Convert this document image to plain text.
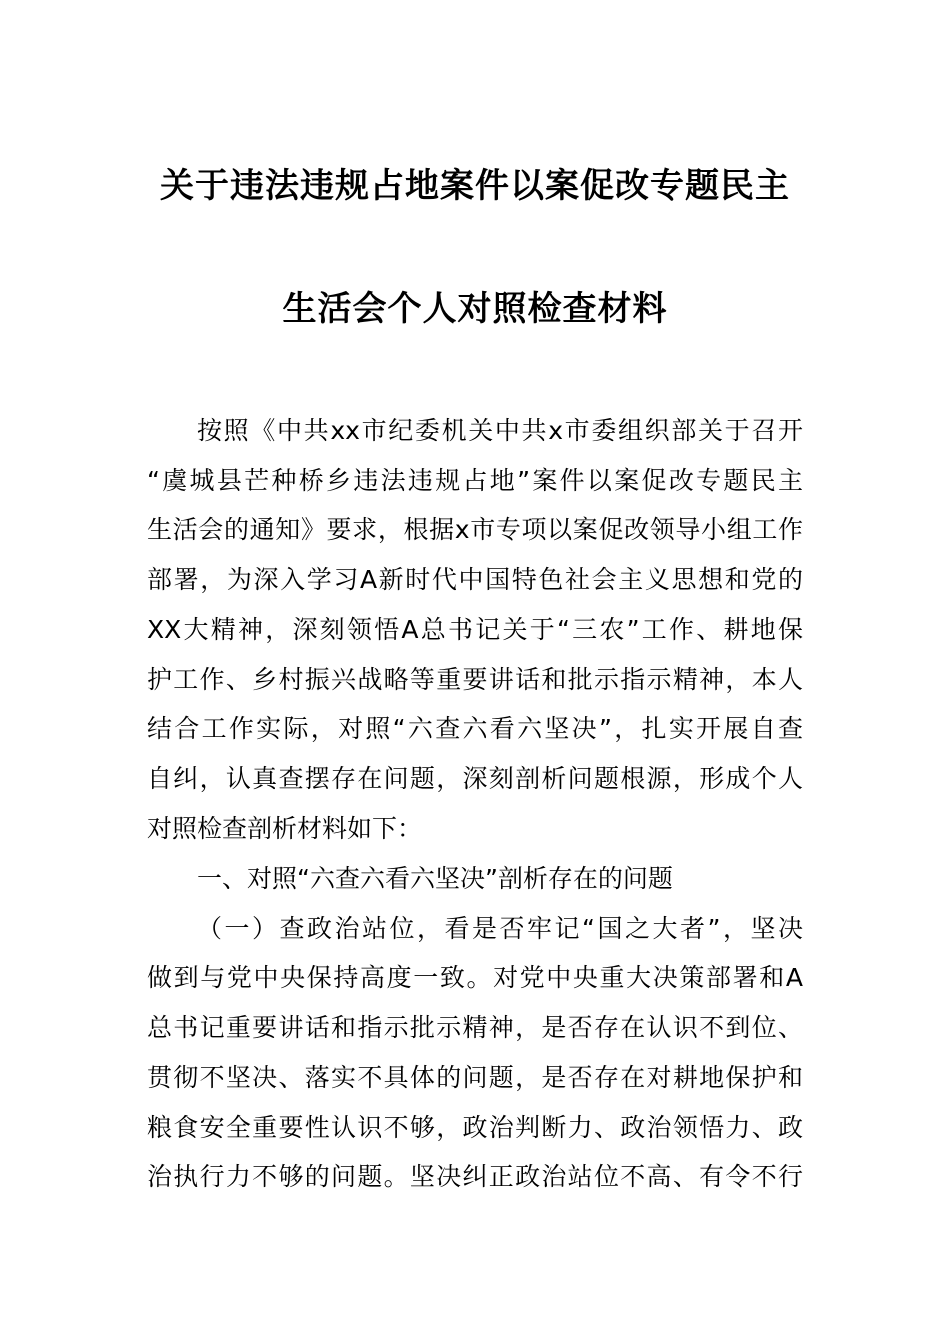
关于违法违规占地案件以案促改专题民主
生活会个人对照检查材料
按照《中共xx市纪委机关中共x市委组织部关于召开
“虞城县芒种桥乡违法违规占地”案件以案促改专题民主
生活会的通知》要求，根据x市专项以案促改领导小组工作
部署，为深入学习A新时代中国特色社会主义思想和党的
XX大精神，深刻领悟A总书记关于“三农”工作、耕地保
护工作、乡村振兴战略等重要讲话和批示指示精神，本人
结合工作实际，对照“六查六看六坚决”，扎实开展自查
自纠，认真查摆存在问题，深刻剖析问题根源，形成个人
对照检查剖析材料如下：
一、对照“六查六看六坚决”剖析存在的问题
（一）查政治站位，看是否牢记“国之大者”，坚决
做到与党中央保持高度一致。对党中央重大决策部署和A
总书记重要讲话和指示批示精神，是否存在认识不到位、
贯彻不坚决、落实不具体的问题，是否存在对耕地保护和
粮食安全重要性认识不够，政治判断力、政治领悟力、政
治执行力不够的问题。坚决纠正政治站位不高、有令不行
